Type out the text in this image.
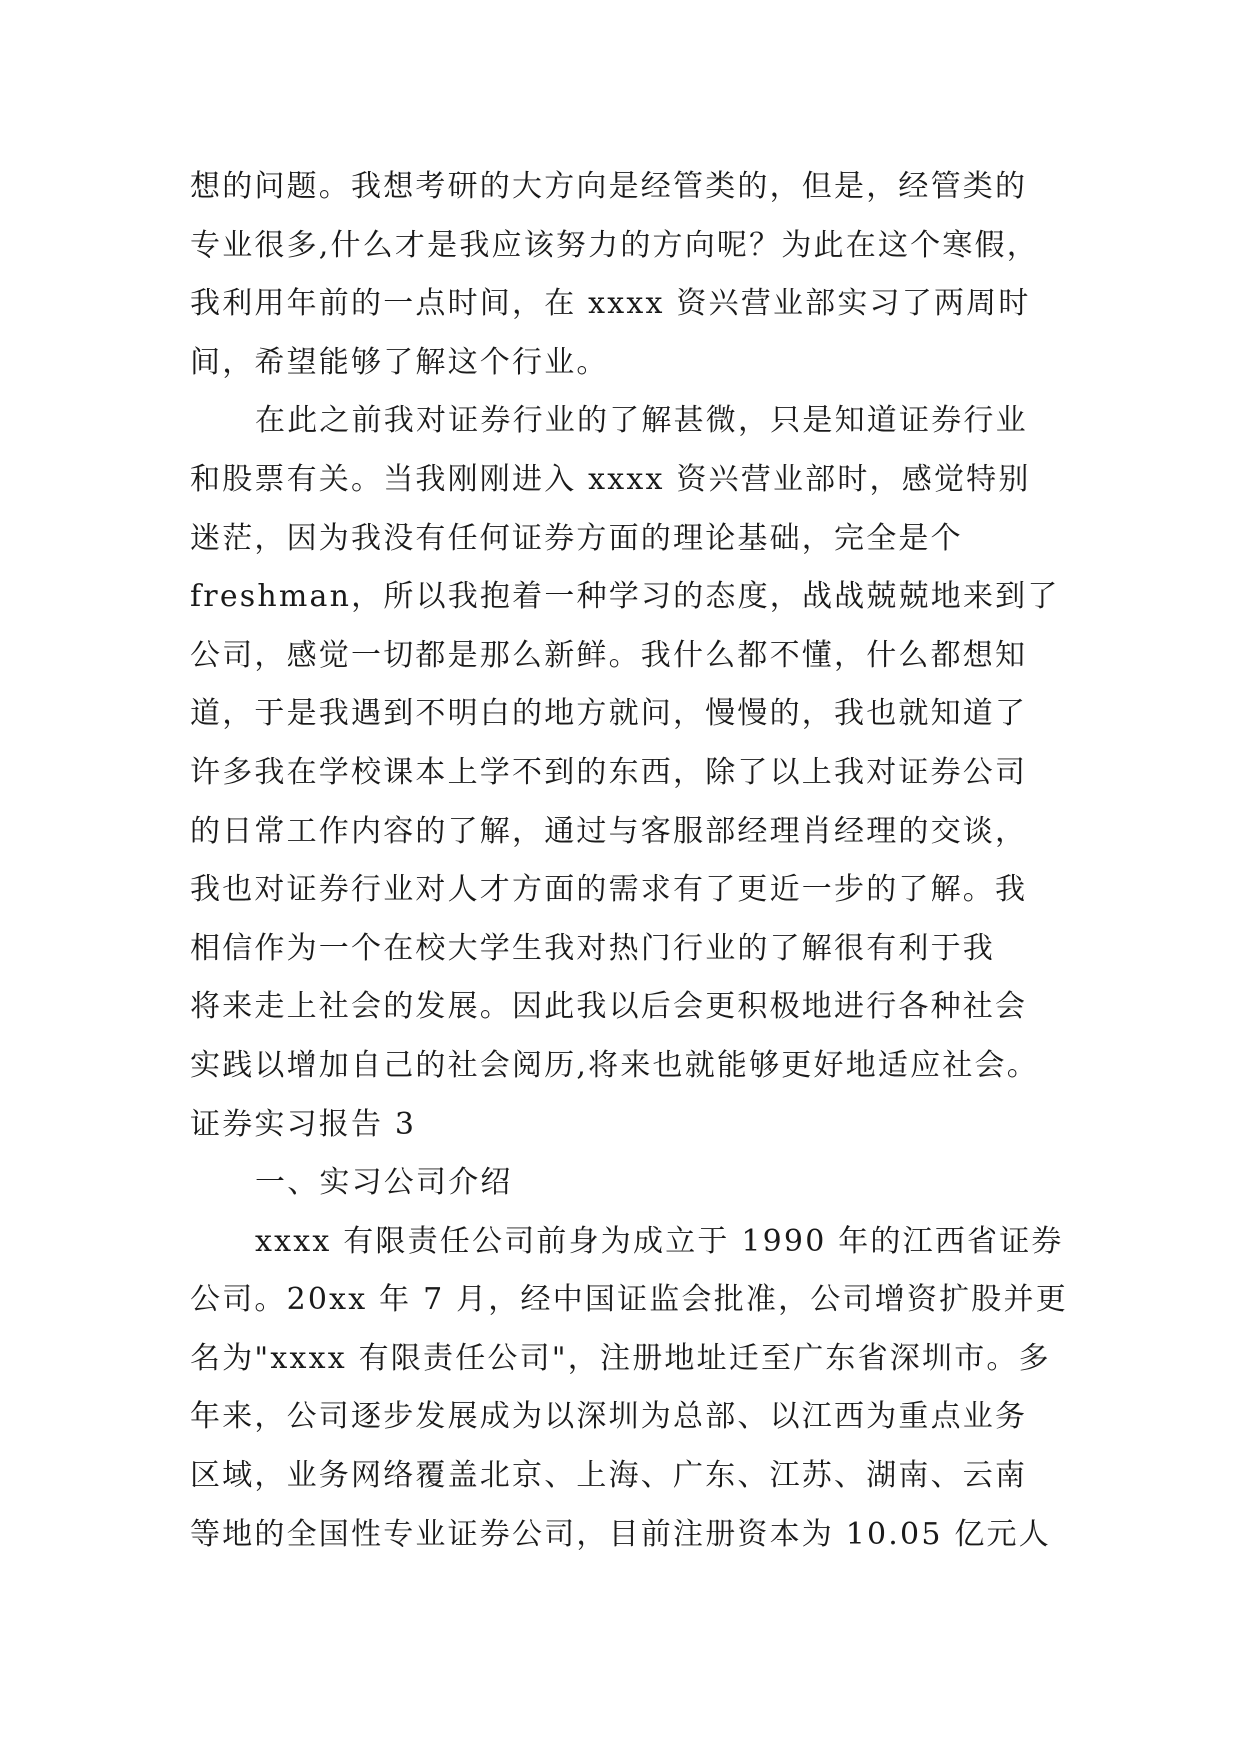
想的问题。我想考研的大方向是经管类的，但是，经管类的
专业很多,什么才是我应该努力的方向呢？为此在这个寒假，
我利用年前的一点时间，在 xxxx 资兴营业部实习了两周时
间，希望能够了解这个行业。
在此之前我对证券行业的了解甚微，只是知道证券行业
和股票有关。当我刚刚进入 xxxx 资兴营业部时，感觉特别
迷茫，因为我没有任何证券方面的理论基础，完全是个
freshman，所以我抱着一种学习的态度，战战兢兢地来到了
公司，感觉一切都是那么新鲜。我什么都不懂，什么都想知
道，于是我遇到不明白的地方就问，慢慢的，我也就知道了
许多我在学校课本上学不到的东西，除了以上我对证券公司
的日常工作内容的了解，通过与客服部经理肖经理的交谈，
我也对证券行业对人才方面的需求有了更近一步的了解。我
相信作为一个在校大学生我对热门行业的了解很有利于我
将来走上社会的发展。因此我以后会更积极地进行各种社会
实践以增加自己的社会阅历,将来也就能够更好地适应社会。
证券实习报告 3
一、实习公司介绍
xxxx 有限责任公司前身为成立于 1990 年的江西省证券
公司。20xx 年 7 月，经中国证监会批准，公司增资扩股并更
名为"xxxx 有限责任公司"，注册地址迁至广东省深圳市。多
年来，公司逐步发展成为以深圳为总部、以江西为重点业务
区域，业务网络覆盖北京、上海、广东、江苏、湖南、云南
等地的全国性专业证券公司，目前注册资本为 10.05 亿元人
